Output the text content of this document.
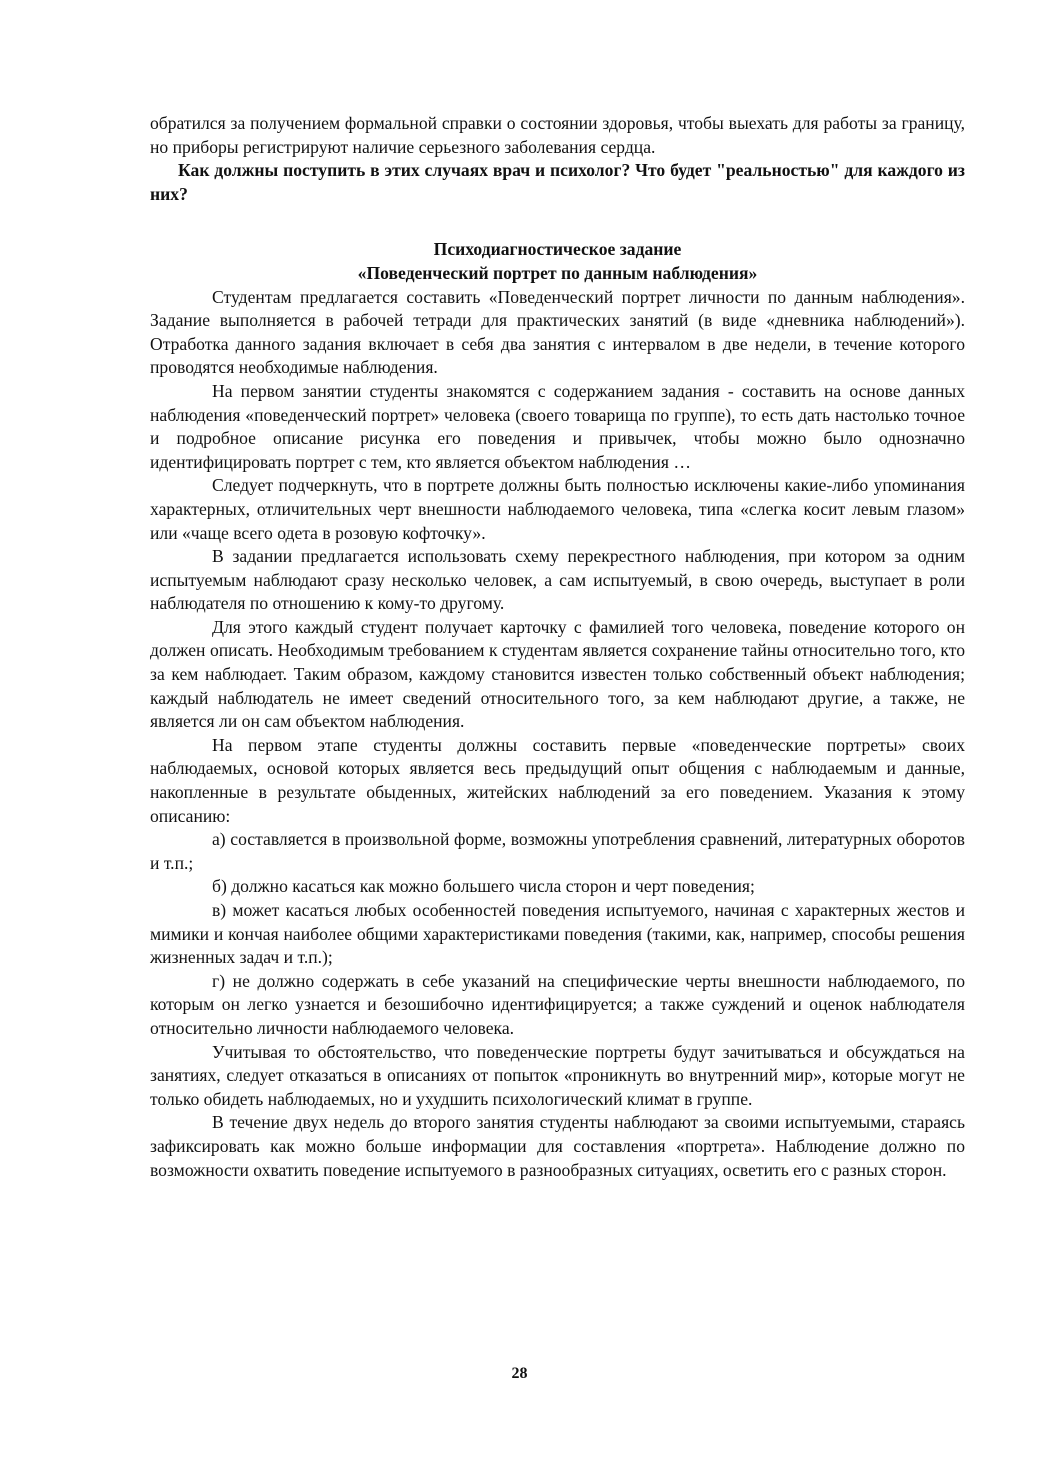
обратился за получением формальной справки о состоянии здоровья, чтобы выехать для работы за границу, но приборы регистрируют наличие серьезного заболевания сердца.

Как должны поступить в этих случаях врач и психолог? Что будет "реальностью" для каждого из них?

Психодиагностическое задание

«Поведенческий портрет по данным наблюдения»

Студентам предлагается составить «Поведенческий портрет личности по данным наблюдения». Задание выполняется в рабочей тетради для практических занятий (в виде «дневника наблюдений»). Отработка данного задания включает в себя два занятия с интервалом в две недели, в течение которого проводятся необходимые наблюдения.

На первом занятии студенты знакомятся с содержанием задания - составить на основе данных наблюдения «поведенческий портрет» человека (своего товарища по группе), то есть дать настолько точное и подробное описание рисунка его поведения и привычек, чтобы можно было однозначно идентифицировать портрет с тем, кто является объектом наблюдения …

Следует подчеркнуть, что в портрете должны быть полностью исключены какие-либо упоминания характерных, отличительных черт внешности наблюдаемого человека, типа «слегка косит левым глазом» или «чаще всего одета в розовую кофточку».

В задании предлагается использовать схему перекрестного наблюдения, при котором за одним испытуемым наблюдают сразу несколько человек, а сам испытуемый, в свою очередь, выступает в роли наблюдателя по отношению к кому-то другому.

Для этого каждый студент получает карточку с фамилией того человека, поведение которого он должен описать. Необходимым требованием к студентам является сохранение тайны относительно того, кто за кем наблюдает. Таким образом, каждому становится известен только собственный объект наблюдения; каждый наблюдатель не имеет сведений относительного того, за кем наблюдают другие, а также, не является ли он сам объектом наблюдения.

На первом этапе студенты должны составить первые «поведенческие портреты» своих наблюдаемых, основой которых является весь предыдущий опыт общения с наблюдаемым и данные, накопленные в результате обыденных, житейских наблюдений за его поведением. Указания к этому описанию:

а) составляется в произвольной форме, возможны употребления сравнений, литературных оборотов и т.п.;

б) должно касаться как можно большего числа сторон и черт поведения;

в) может касаться любых особенностей поведения испытуемого, начиная с характерных жестов и мимики и кончая наиболее общими характеристиками поведения (такими, как, например, способы решения жизненных задач и т.п.);

г) не должно содержать в себе указаний на специфические черты внешности наблюдаемого, по которым он легко узнается и безошибочно идентифицируется; а также суждений и оценок наблюдателя относительно личности наблюдаемого человека.

Учитывая то обстоятельство, что поведенческие портреты будут зачитываться и обсуждаться на занятиях, следует отказаться в описаниях от попыток «проникнуть во внутренний мир», которые могут не только обидеть наблюдаемых, но и ухудшить психологический климат в группе.

В течение двух недель до второго занятия студенты наблюдают за своими испытуемыми, стараясь зафиксировать как можно больше информации для составления «портрета». Наблюдение должно по возможности охватить поведение испытуемого в разнообразных ситуациях, осветить его с разных сторон.

28
